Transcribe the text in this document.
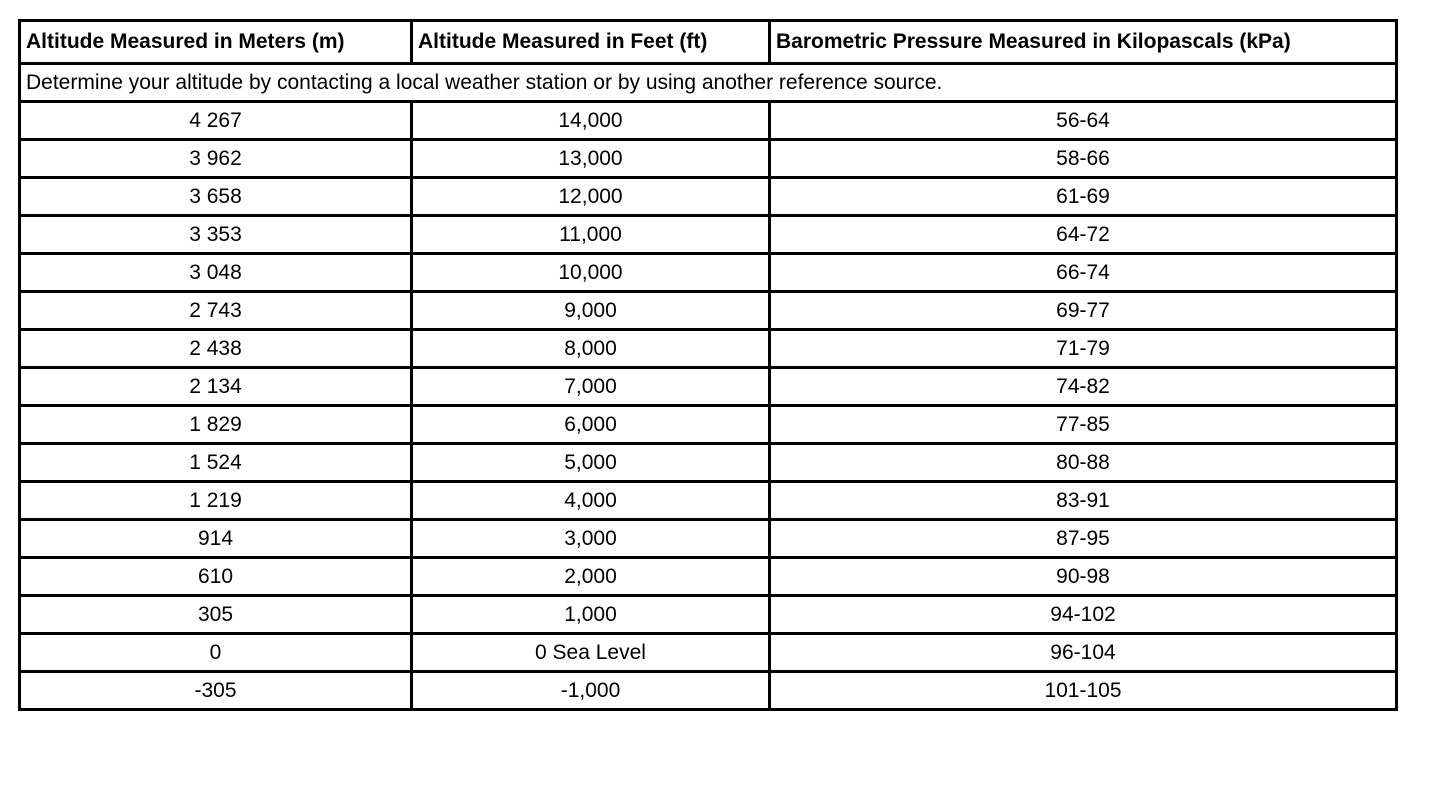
Altitude Measured in Meters (m)	Altitude Measured in Feet (ft)	Barometric Pressure Measured in Kilopascals (kPa)
Determine your altitude by contacting a local weather station or by using another reference source.		
4 267	14,000	56-64
3 962	13,000	58-66
3 658	12,000	61-69
3 353	11,000	64-72
3 048	10,000	66-74
2 743	9,000	69-77
2 438	8,000	71-79
2 134	7,000	74-82
1 829	6,000	77-85
1 524	5,000	80-88
1 219	4,000	83-91
914	3,000	87-95
610	2,000	90-98
305	1,000	94-102
0	0 Sea Level	96-104
-305	-1,000	101-105
